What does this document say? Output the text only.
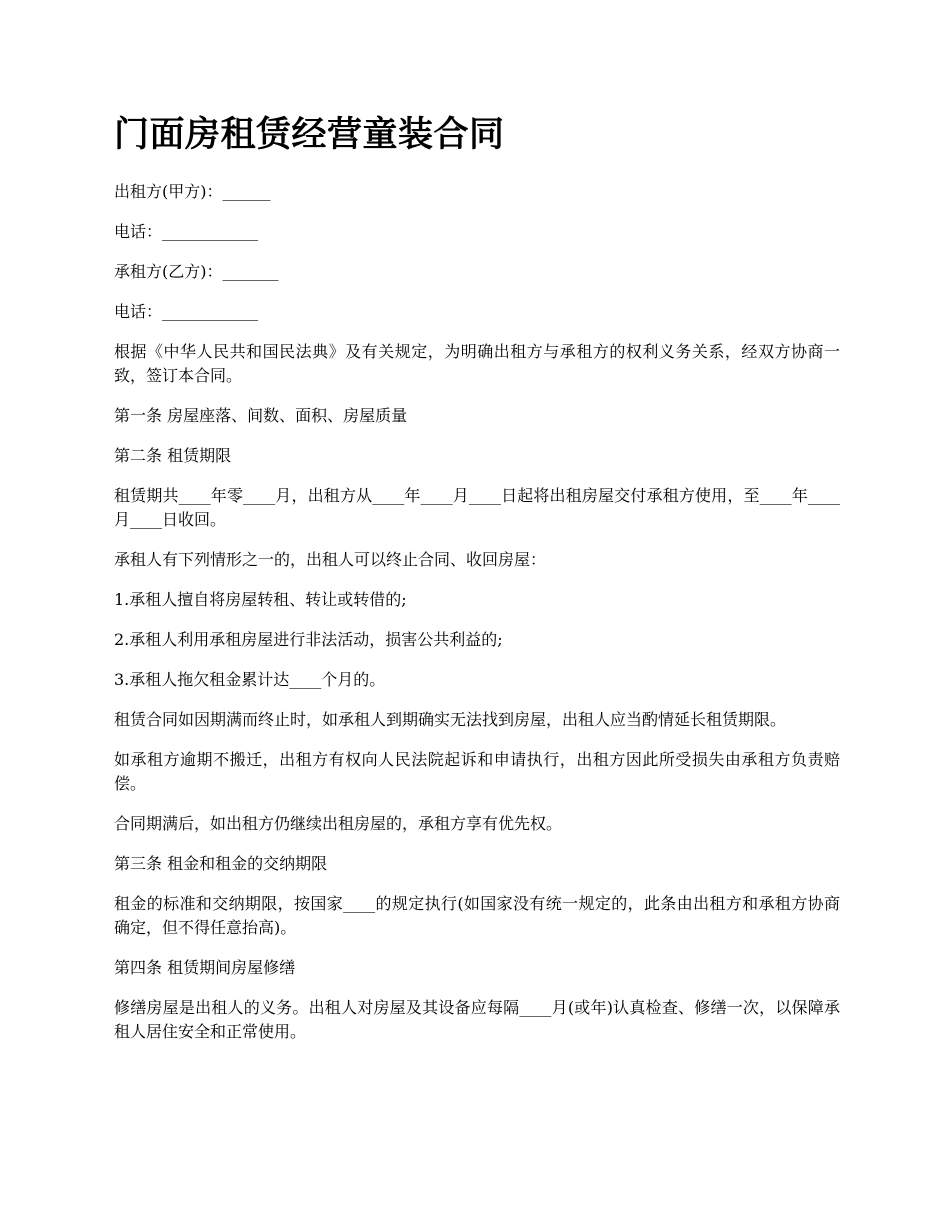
门面房租赁经营童装合同

出租方(甲方)：______

电话：____________

承租方(乙方)：_______

电话：____________

根据《中华人民共和国民法典》及有关规定，为明确出租方与承租方的权利义务关系，经双方协商一致，签订本合同。

第一条 房屋座落、间数、面积、房屋质量

第二条 租赁期限

租赁期共____年零____月，出租方从____年____月____日起将出租房屋交付承租方使用，至____年____月____日收回。

承租人有下列情形之一的，出租人可以终止合同、收回房屋：

1.承租人擅自将房屋转租、转让或转借的;

2.承租人利用承租房屋进行非法活动，损害公共利益的;

3.承租人拖欠租金累计达____个月的。

租赁合同如因期满而终止时，如承租人到期确实无法找到房屋，出租人应当酌情延长租赁期限。

如承租方逾期不搬迁，出租方有权向人民法院起诉和申请执行，出租方因此所受损失由承租方负责赔偿。

合同期满后，如出租方仍继续出租房屋的，承租方享有优先权。

第三条 租金和租金的交纳期限

租金的标准和交纳期限，按国家____的规定执行(如国家没有统一规定的，此条由出租方和承租方协商确定，但不得任意抬高)。

第四条 租赁期间房屋修缮

修缮房屋是出租人的义务。出租人对房屋及其设备应每隔____月(或年)认真检查、修缮一次，以保障承租人居住安全和正常使用。
